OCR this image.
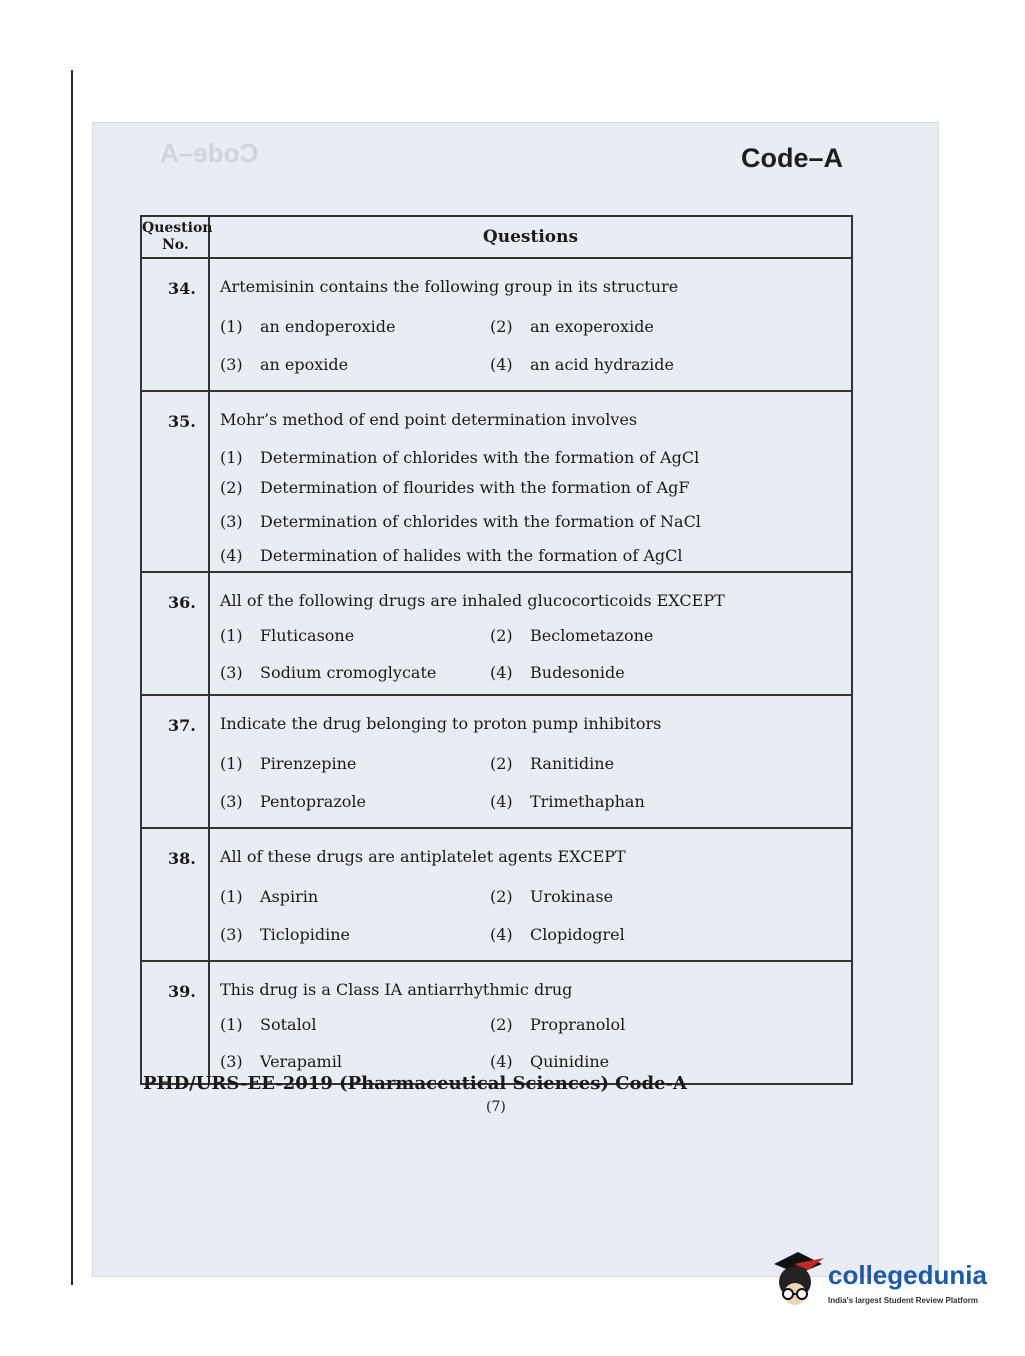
Code–A	Code–A
Question
No.	Questions
34.	Artemisinin contains the following group in its structure
(1) an endoperoxide (2) an exoperoxide
(3) an epoxide (4) an acid hydrazide

35.	Mohr’s method of end point determination involves
(1) Determination of chlorides with the formation of AgCl
(2) Determination of flourides with the formation of AgF
(3) Determination of chlorides with the formation of NaCl
(4) Determination of halides with the formation of AgCl

36.	All of the following drugs are inhaled glucocorticoids EXCEPT
(1) Fluticasone (2) Beclometazone
(3) Sodium cromoglycate (4) Budesonide

37.	Indicate the drug belonging to proton pump inhibitors
(1) Pirenzepine (2) Ranitidine
(3) Pentoprazole (4) Trimethaphan

38.	All of these drugs are antiplatelet agents EXCEPT
(1) Aspirin (2) Urokinase
(3) Ticlopidine (4) Clopidogrel

39.	This drug is a Class IA antiarrhythmic drug
(1) Sotalol (2) Propranolol
(3) Verapamil (4) Quinidine
PHD/URS-EE-2019 (Pharmaceutical Sciences) Code-A
(7)
collegedunia
India's largest Student Review Platform
